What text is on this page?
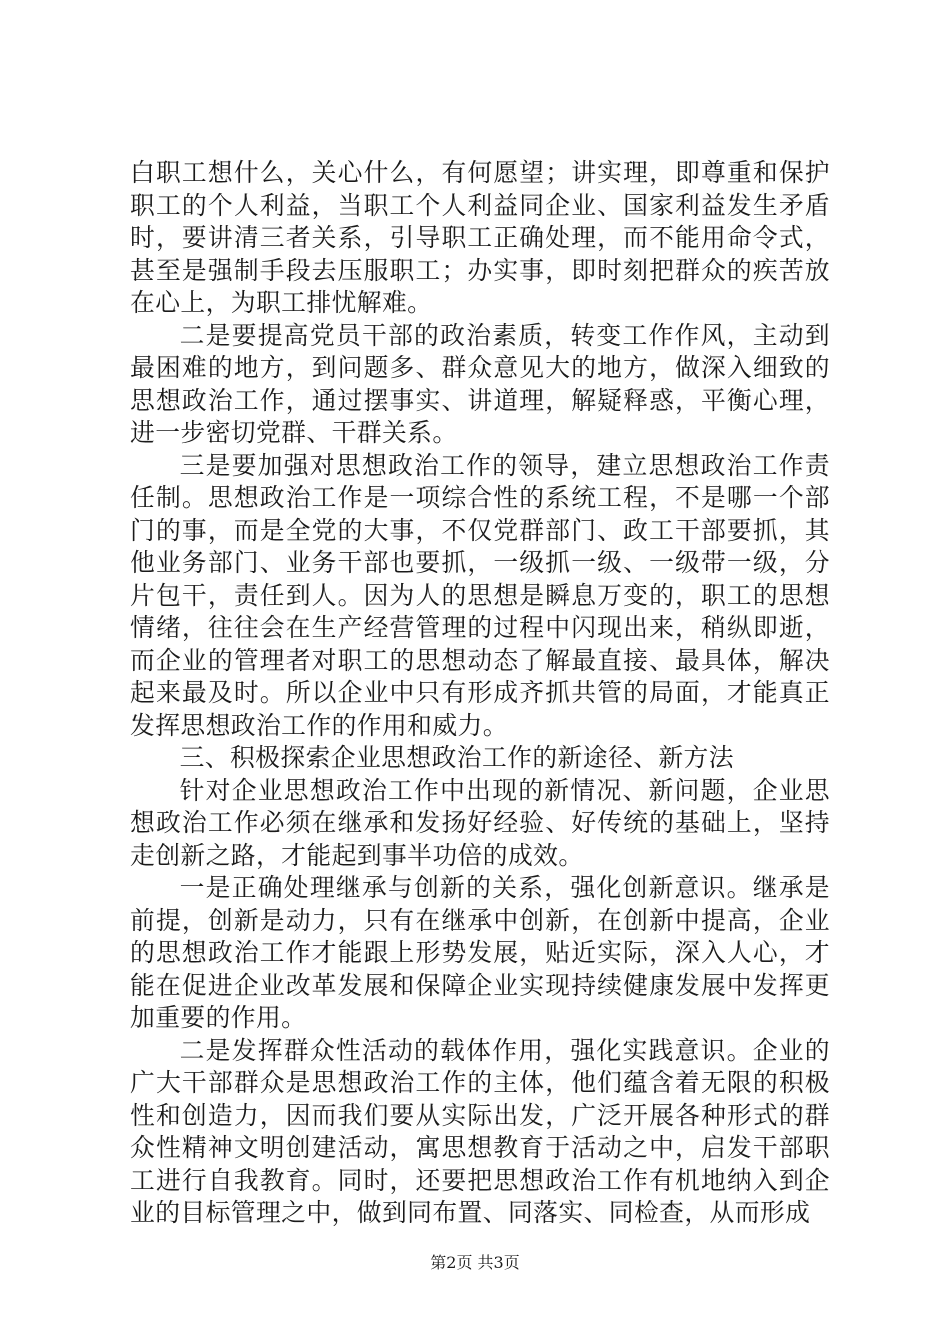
白职工想什么，关心什么，有何愿望；讲实理，即尊重和保护职工的个人利益，当职工个人利益同企业、国家利益发生矛盾时，要讲清三者关系，引导职工正确处理，而不能用命令式，甚至是强制手段去压服职工；办实事，即时刻把群众的疾苦放在心上，为职工排忧解难。

二是要提高党员干部的政治素质，转变工作作风，主动到最困难的地方，到问题多、群众意见大的地方，做深入细致的思想政治工作，通过摆事实、讲道理，解疑释惑，平衡心理，进一步密切党群、干群关系。

三是要加强对思想政治工作的领导，建立思想政治工作责任制。思想政治工作是一项综合性的系统工程，不是哪一个部门的事，而是全党的大事，不仅党群部门、政工干部要抓，其他业务部门、业务干部也要抓，一级抓一级、一级带一级，分片包干，责任到人。因为人的思想是瞬息万变的，职工的思想情绪，往往会在生产经营管理的过程中闪现出来，稍纵即逝，而企业的管理者对职工的思想动态了解最直接、最具体，解决起来最及时。所以企业中只有形成齐抓共管的局面，才能真正发挥思想政治工作的作用和威力。

三、积极探索企业思想政治工作的新途径、新方法

针对企业思想政治工作中出现的新情况、新问题，企业思想政治工作必须在继承和发扬好经验、好传统的基础上，坚持走创新之路，才能起到事半功倍的成效。

一是正确处理继承与创新的关系，强化创新意识。继承是前提，创新是动力，只有在继承中创新，在创新中提高，企业的思想政治工作才能跟上形势发展，贴近实际，深入人心，才能在促进企业改革发展和保障企业实现持续健康发展中发挥更加重要的作用。

二是发挥群众性活动的载体作用，强化实践意识。企业的广大干部群众是思想政治工作的主体，他们蕴含着无限的积极性和创造力，因而我们要从实际出发，广泛开展各种形式的群众性精神文明创建活动，寓思想教育于活动之中，启发干部职工进行自我教育。同时，还要把思想政治工作有机地纳入到企业的目标管理之中，做到同布置、同落实、同检查，从而形成

第2页 共3页
